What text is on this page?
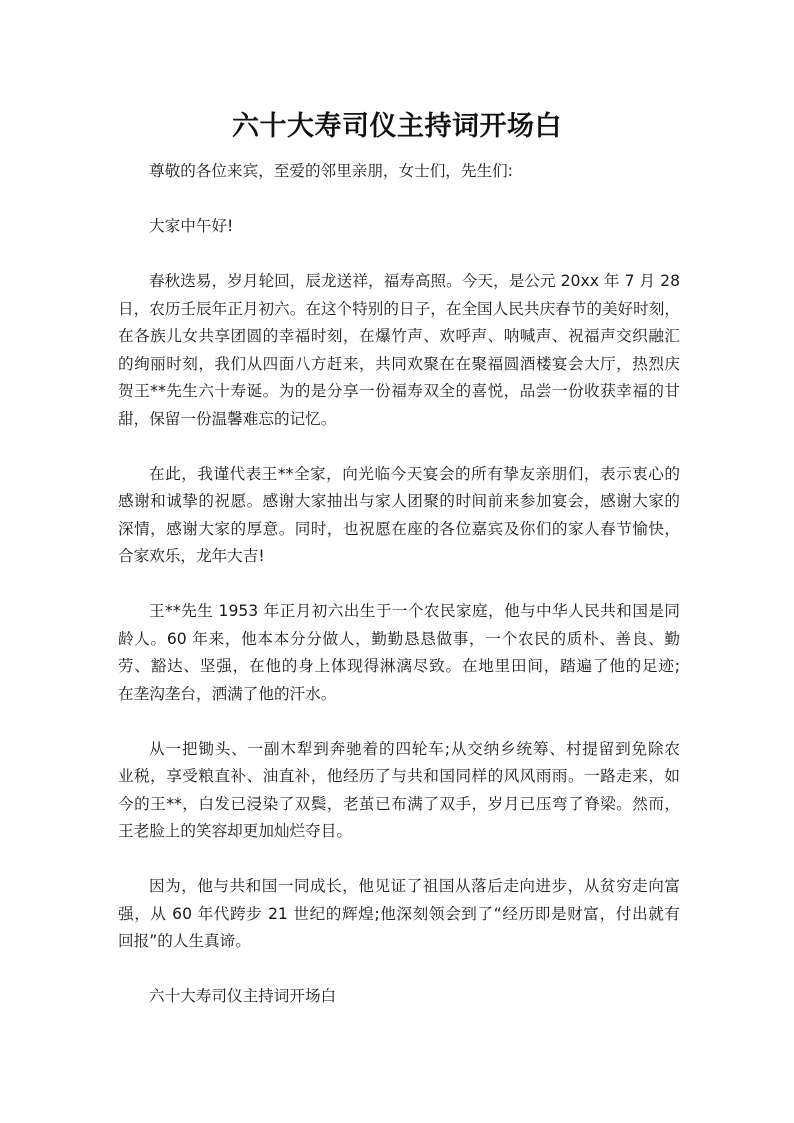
六十大寿司仪主持词开场白
尊敬的各位来宾，至爱的邻里亲朋，女士们，先生们:
大家中午好!
春秋迭易，岁月轮回，辰龙送祥，福寿高照。今天，是公元 20xx 年 7 月 28
日，农历壬辰年正月初六。在这个特别的日子，在全国人民共庆春节的美好时刻，
在各族儿女共享团圆的幸福时刻，在爆竹声、欢呼声、呐喊声、祝福声交织融汇
的绚丽时刻，我们从四面八方赶来，共同欢聚在在聚福圆酒楼宴会大厅，热烈庆
贺王**先生六十寿诞。为的是分享一份福寿双全的喜悦，品尝一份收获幸福的甘
甜，保留一份温馨难忘的记忆。
在此，我谨代表王**全家，向光临今天宴会的所有挚友亲朋们，表示衷心的
感谢和诚挚的祝愿。感谢大家抽出与家人团聚的时间前来参加宴会，感谢大家的
深情，感谢大家的厚意。同时，也祝愿在座的各位嘉宾及你们的家人春节愉快，
合家欢乐，龙年大吉!
王**先生 1953 年正月初六出生于一个农民家庭，他与中华人民共和国是同
龄人。60 年来，他本本分分做人，勤勤恳恳做事，一个农民的质朴、善良、勤
劳、豁达、坚强，在他的身上体现得淋漓尽致。在地里田间，踏遍了他的足迹;
在垄沟垄台，洒满了他的汗水。
从一把锄头、一副木犁到奔驰着的四轮车;从交纳乡统筹、村提留到免除农
业税，享受粮直补、油直补，他经历了与共和国同样的风风雨雨。一路走来，如
今的王**，白发已浸染了双鬓，老茧已布满了双手，岁月已压弯了脊梁。然而，
王老脸上的笑容却更加灿烂夺目。
因为，他与共和国一同成长，他见证了祖国从落后走向进步，从贫穷走向富
强，从 60 年代跨步 21 世纪的辉煌;他深刻领会到了“经历即是财富，付出就有
回报”的人生真谛。
六十大寿司仪主持词开场白
